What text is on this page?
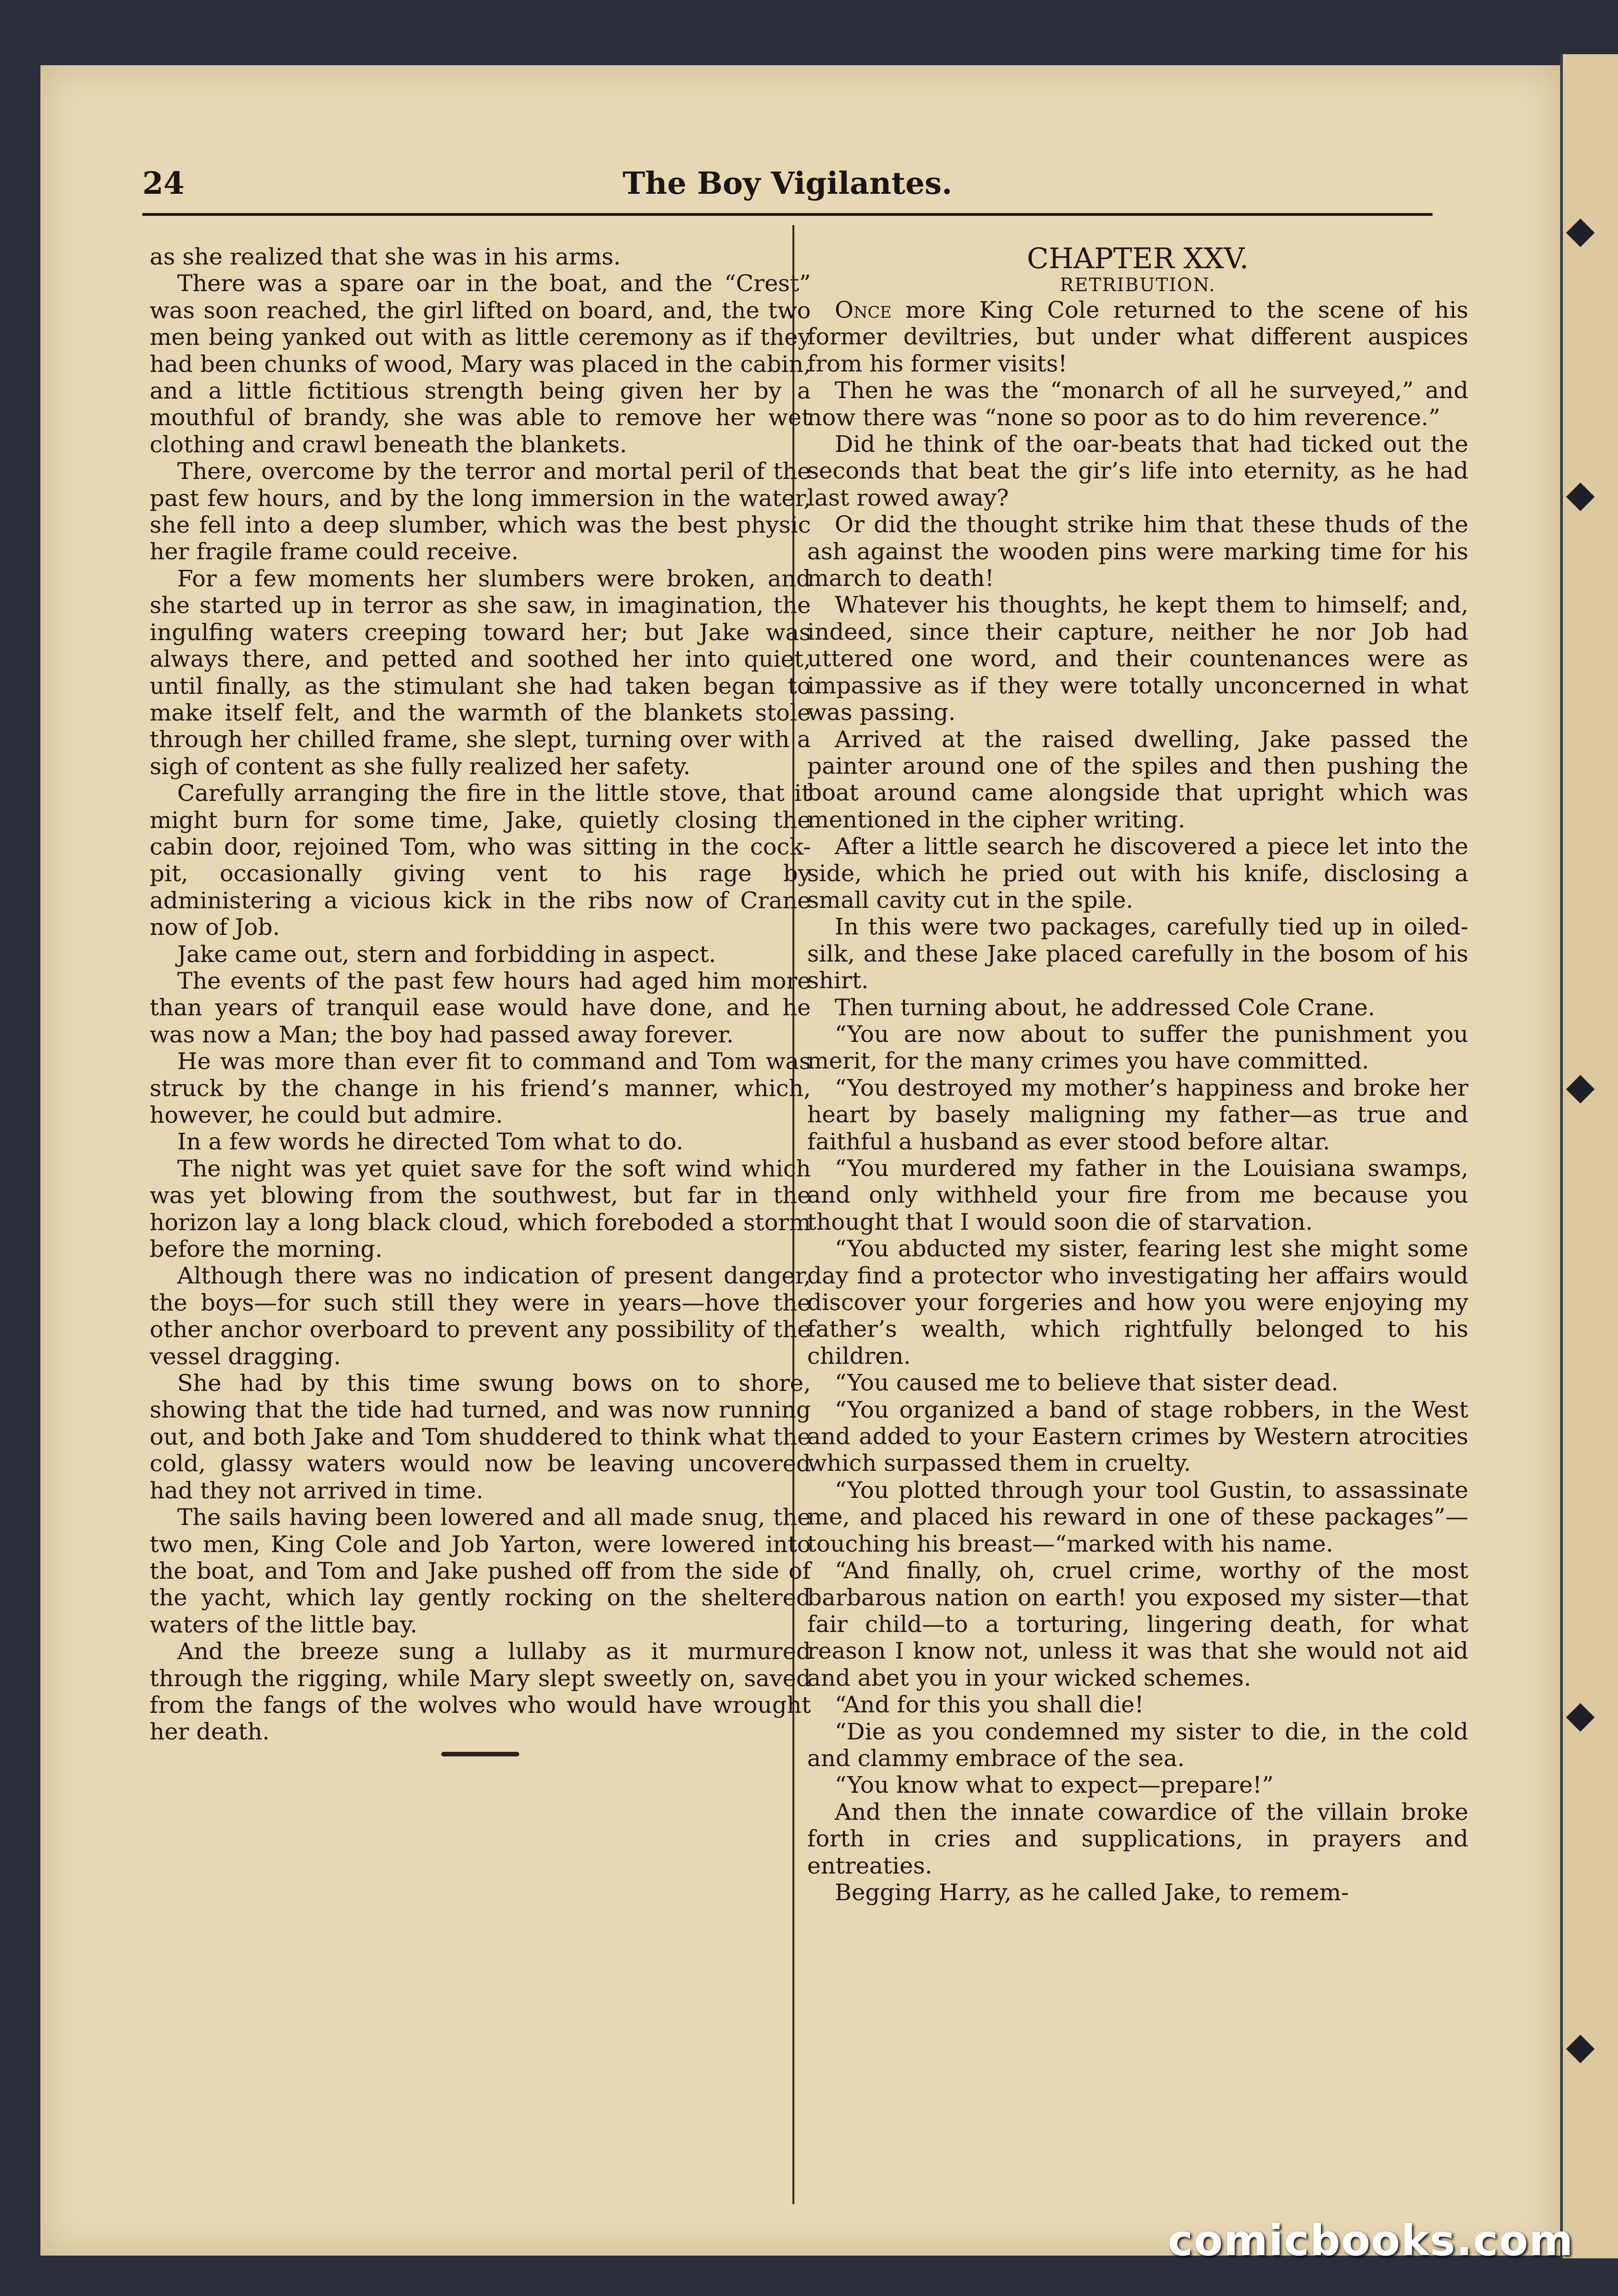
24	The Boy Vigilantes.

as she realized that she was in his arms.

There was a spare oar in the boat, and the “Crest” was soon reached, the girl lifted on board, and, the two men being yanked out with as little ceremony as if they had been chunks of wood, Mary was placed in the cabin, and a little fictitious strength being given her by a mouthful of brandy, she was able to remove her wet clothing and crawl beneath the blankets.

There, overcome by the terror and mortal peril of the past few hours, and by the long immersion in the water, she fell into a deep slumber, which was the best physic her fragile frame could receive.

For a few moments her slumbers were broken, and she started up in terror as she saw, in imagination, the ingulfing waters creeping toward her; but Jake was always there, and petted and soothed her into quiet, until finally, as the stimulant she had taken began to make itself felt, and the warmth of the blankets stole through her chilled frame, she slept, turning over with a sigh of content as she fully realized her safety.

Carefully arranging the fire in the little stove, that it might burn for some time, Jake, quietly closing the cabin door, rejoined Tom, who was sitting in the cock-pit, occasionally giving vent to his rage by administering a vicious kick in the ribs now of Crane now of Job.

Jake came out, stern and forbidding in aspect.

The events of the past few hours had aged him more than years of tranquil ease would have done, and he was now a Man; the boy had passed away forever.

He was more than ever fit to command and Tom was struck by the change in his friend’s manner, which, however, he could but admire.

In a few words he directed Tom what to do.

The night was yet quiet save for the soft wind which was yet blowing from the southwest, but far in the horizon lay a long black cloud, which foreboded a storm before the morning.

Although there was no indication of present danger, the boys—for such still they were in years—hove the other anchor overboard to prevent any possibility of the vessel dragging.

She had by this time swung bows on to shore, showing that the tide had turned, and was now running out, and both Jake and Tom shuddered to think what the cold, glassy waters would now be leaving uncovered had they not arrived in time.

The sails having been lowered and all made snug, the two men, King Cole and Job Yarton, were lowered into the boat, and Tom and Jake pushed off from the side of the yacht, which lay gently rocking on the sheltered waters of the little bay.

And the breeze sung a lullaby as it murmured through the rigging, while Mary slept sweetly on, saved from the fangs of the wolves who would have wrought her death.

CHAPTER XXV.
RETRIBUTION.

Once more King Cole returned to the scene of his former deviltries, but under what different auspices from his former visits!

Then he was the “monarch of all he surveyed,” and now there was “none so poor as to do him reverence.”

Did he think of the oar-beats that had ticked out the seconds that beat the gir’s life into eternity, as he had last rowed away?

Or did the thought strike him that these thuds of the ash against the wooden pins were marking time for his march to death!

Whatever his thoughts, he kept them to himself; and, indeed, since their capture, neither he nor Job had uttered one word, and their countenances were as impassive as if they were totally unconcerned in what was passing.

Arrived at the raised dwelling, Jake passed the painter around one of the spiles and then pushing the boat around came alongside that upright which was mentioned in the cipher writing.

After a little search he discovered a piece let into the side, which he pried out with his knife, disclosing a small cavity cut in the spile.

In this were two packages, carefully tied up in oiled-silk, and these Jake placed carefully in the bosom of his shirt.

Then turning about, he addressed Cole Crane.

“You are now about to suffer the punishment you merit, for the many crimes you have committed.

“You destroyed my mother’s happiness and broke her heart by basely maligning my father—as true and faithful a husband as ever stood before altar.

“You murdered my father in the Louisiana swamps, and only withheld your fire from me because you thought that I would soon die of starvation.

“You abducted my sister, fearing lest she might some day find a protector who investigating her affairs would discover your forgeries and how you were enjoying my father’s wealth, which rightfully belonged to his children.

“You caused me to believe that sister dead.

“You organized a band of stage robbers, in the West and added to your Eastern crimes by Western atrocities which surpassed them in cruelty.

“You plotted through your tool Gustin, to assassinate me, and placed his reward in one of these packages”—touching his breast—“marked with his name.

“And finally, oh, cruel crime, worthy of the most barbarous nation on earth! you exposed my sister—that fair child—to a torturing, lingering death, for what reason I know not, unless it was that she would not aid and abet you in your wicked schemes.

“And for this you shall die!

“Die as you condemned my sister to die, in the cold and clammy embrace of the sea.

“You know what to expect—prepare!”

And then the innate cowardice of the villain broke forth in cries and supplications, in prayers and entreaties.

Begging Harry, as he called Jake, to remem-

comicbooks.com
